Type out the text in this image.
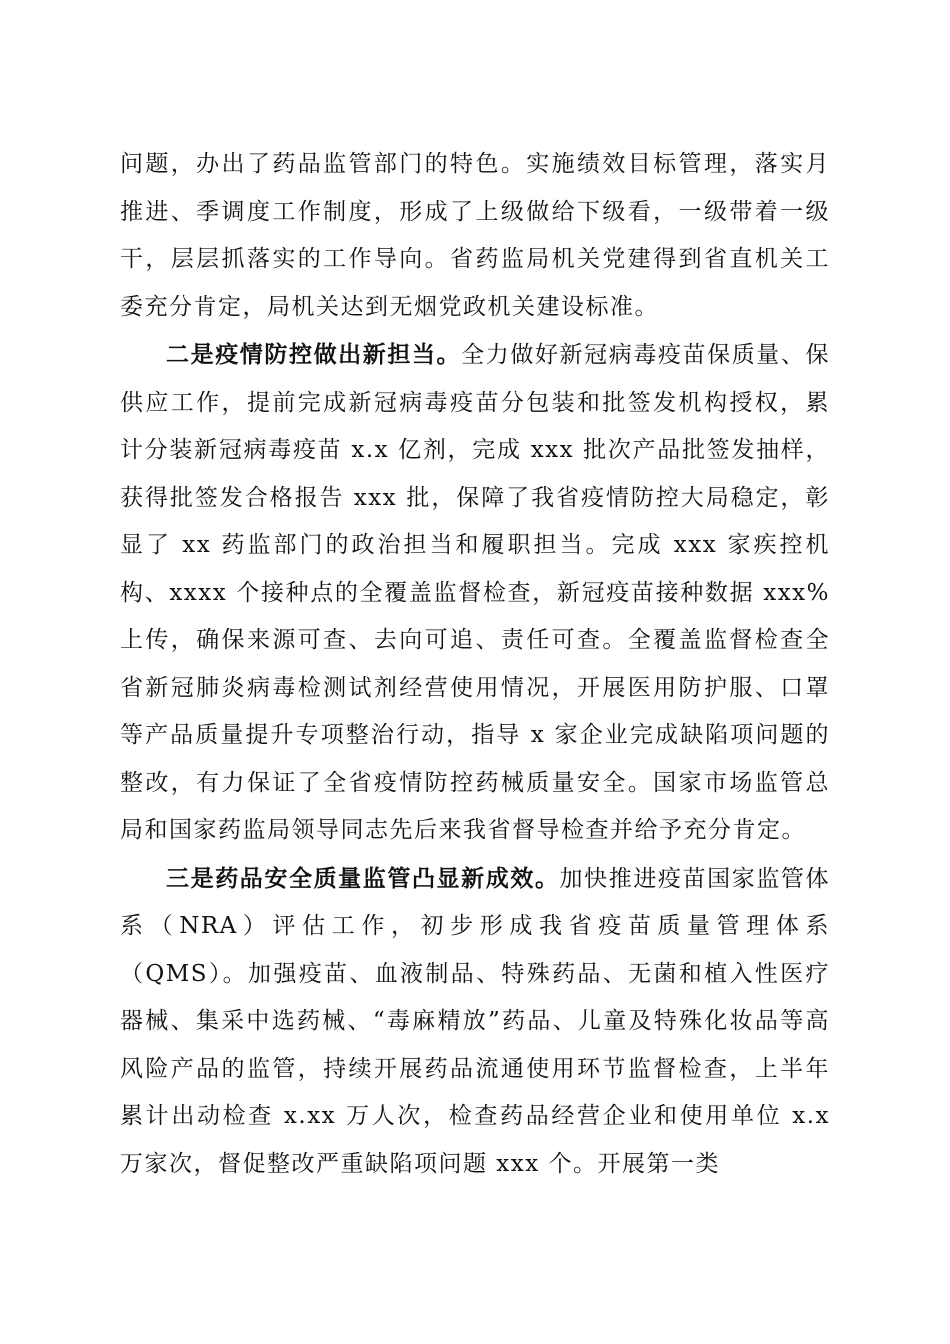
问题，办出了药品监管部门的特色。实施绩效目标管理，落实月推进、季调度工作制度，形成了上级做给下级看，一级带着一级干，层层抓落实的工作导向。省药监局机关党建得到省直机关工委充分肯定，局机关达到无烟党政机关建设标准。

二是疫情防控做出新担当。全力做好新冠病毒疫苗保质量、保供应工作，提前完成新冠病毒疫苗分包装和批签发机构授权，累计分装新冠病毒疫苗 x.x 亿剂，完成 xxx 批次产品批签发抽样，获得批签发合格报告 xxx 批，保障了我省疫情防控大局稳定，彰显了 xx 药监部门的政治担当和履职担当。完成 xxx 家疾控机构、xxxx 个接种点的全覆盖监督检查，新冠疫苗接种数据 xxx%上传，确保来源可查、去向可追、责任可查。全覆盖监督检查全省新冠肺炎病毒检测试剂经营使用情况，开展医用防护服、口罩等产品质量提升专项整治行动，指导 x 家企业完成缺陷项问题的整改，有力保证了全省疫情防控药械质量安全。国家市场监管总局和国家药监局领导同志先后来我省督导检查并给予充分肯定。

三是药品安全质量监管凸显新成效。加快推进疫苗国家监管体系（NRA）评估工作，初步形成我省疫苗质量管理体系（QMS）。加强疫苗、血液制品、特殊药品、无菌和植入性医疗器械、集采中选药械、“毒麻精放”药品、儿童及特殊化妆品等高风险产品的监管，持续开展药品流通使用环节监督检查，上半年累计出动检查 x.xx 万人次，检查药品经营企业和使用单位 x.x 万家次，督促整改严重缺陷项问题 xxx 个。开展第一类
